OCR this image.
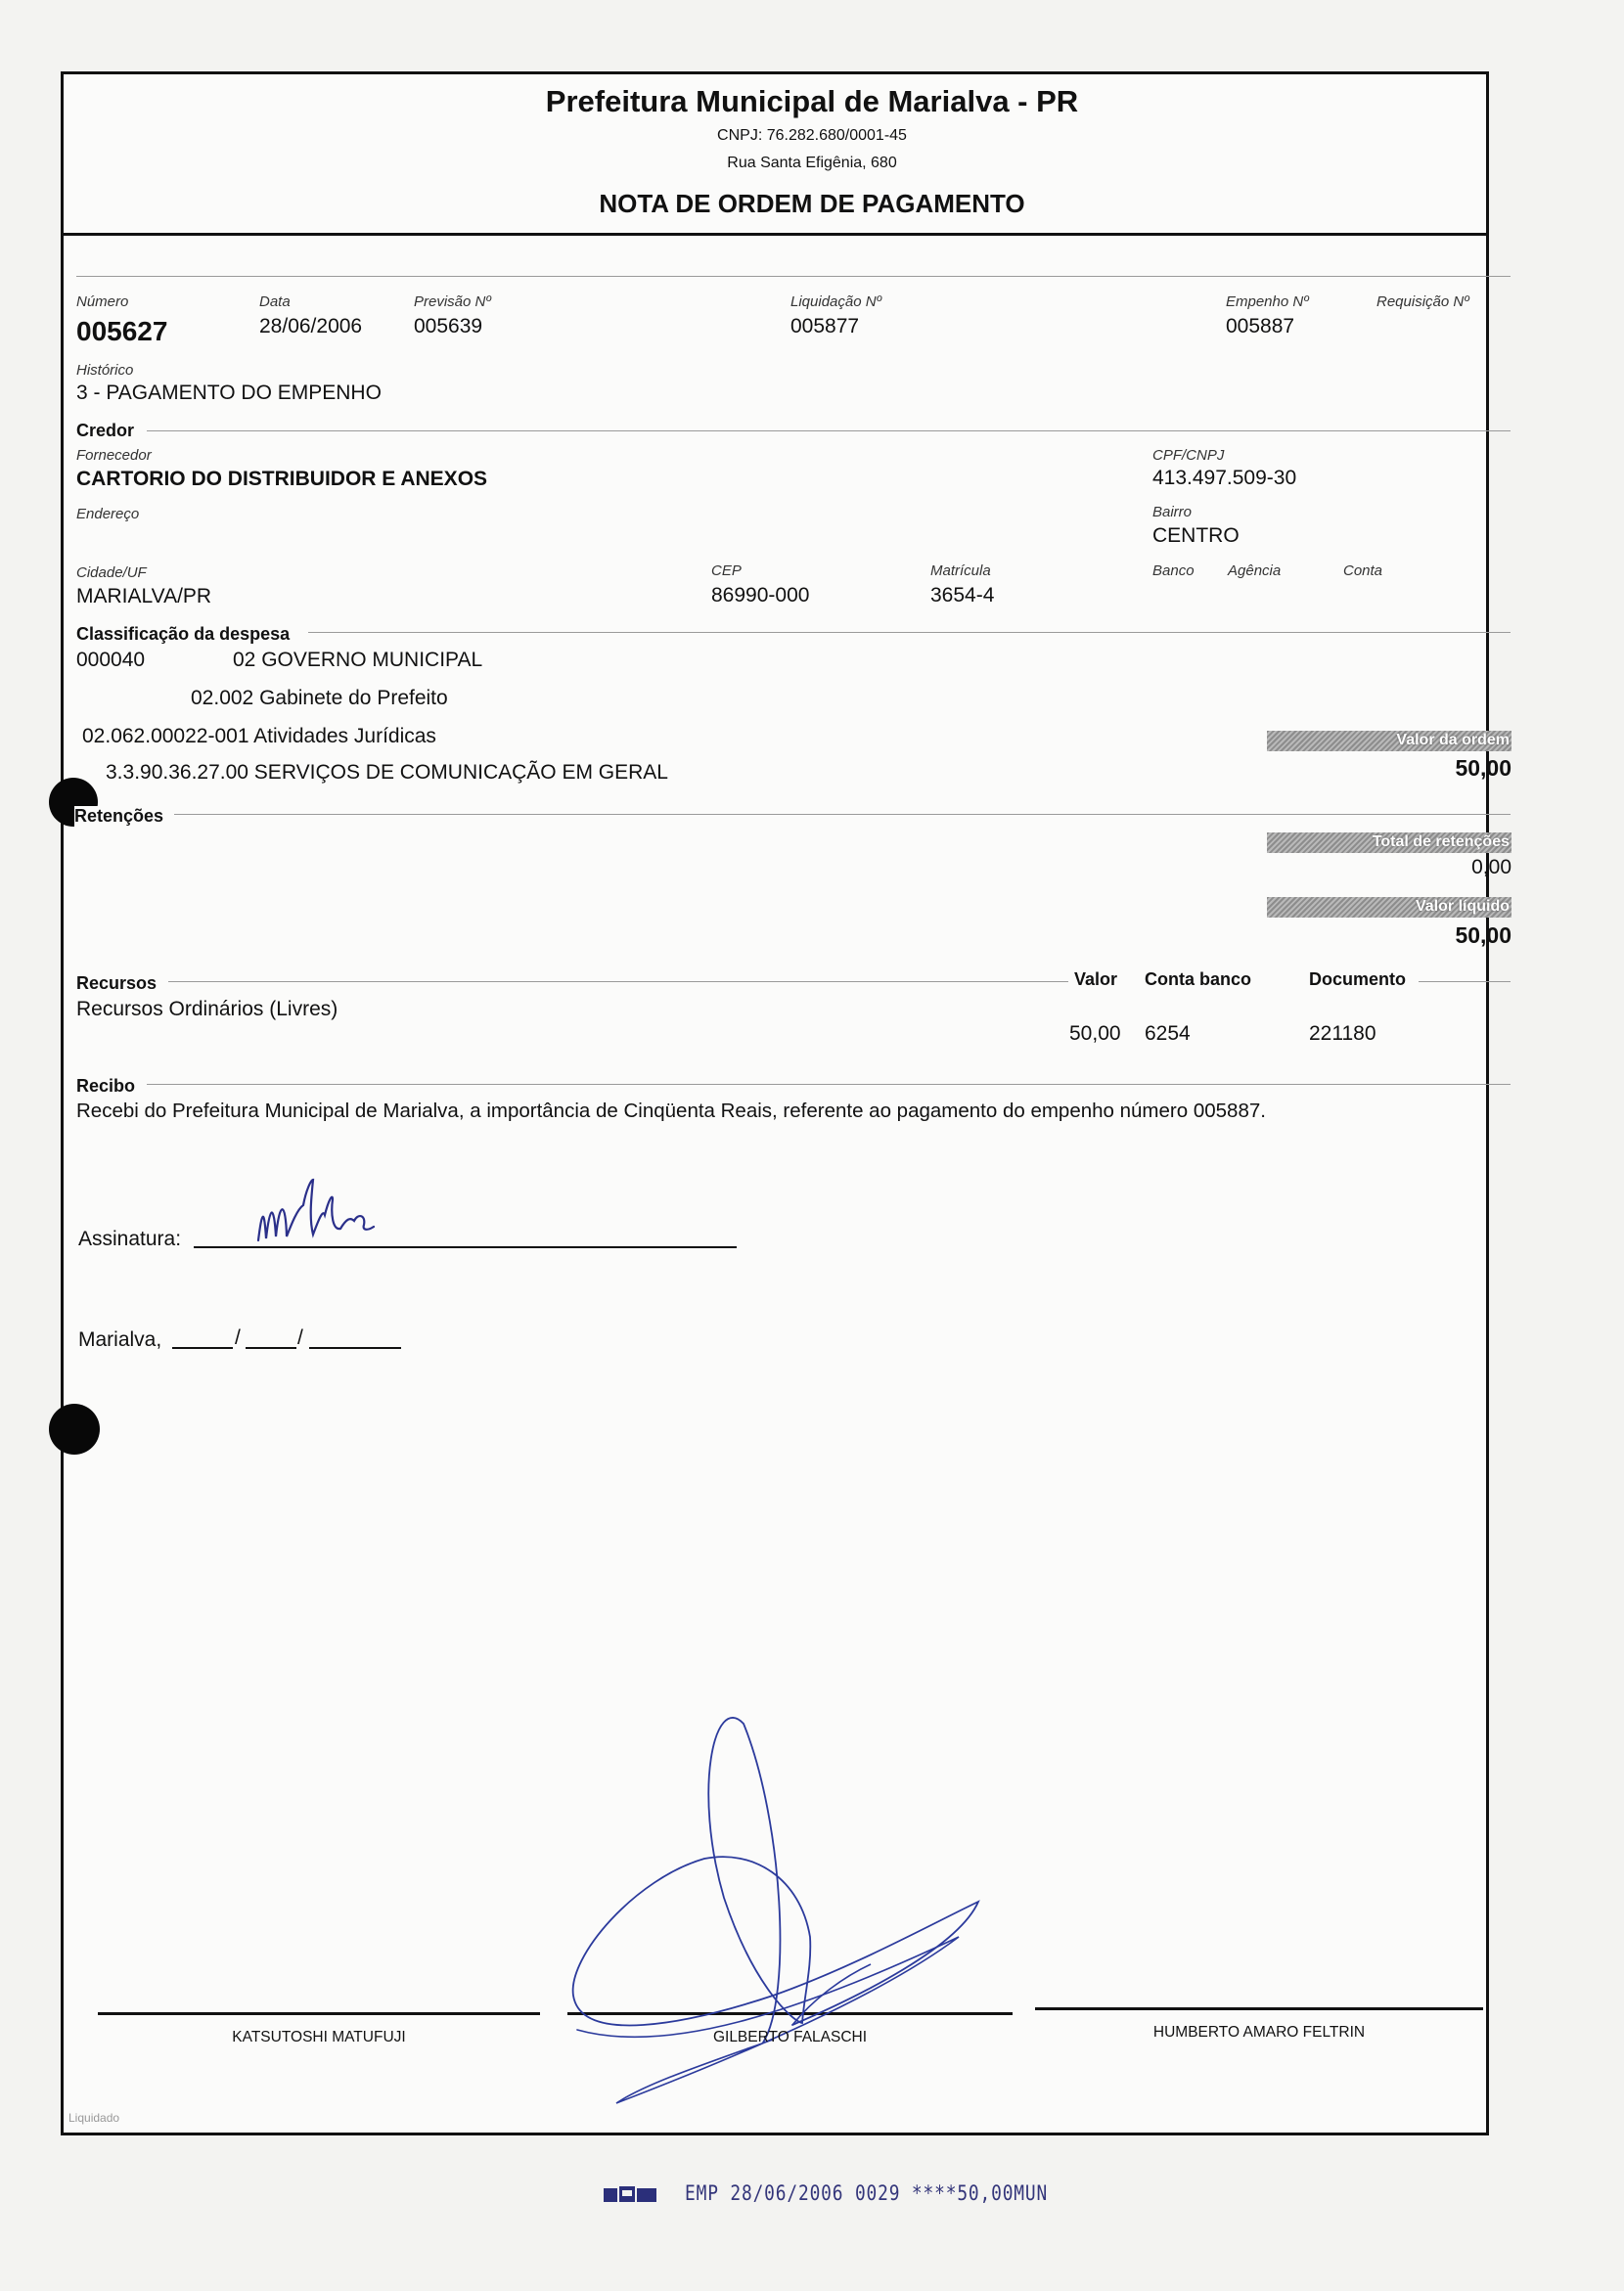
Prefeitura Municipal de Marialva - PR
CNPJ: 76.282.680/0001-45
Rua Santa Efigênia, 680
NOTA DE ORDEM DE PAGAMENTO
Número
005627
Data
28/06/2006
Previsão Nº
005639
Liquidação Nº
005877
Empenho Nº
005887
Requisição Nº
Histórico
3 - PAGAMENTO DO EMPENHO
Credor
Fornecedor
CARTORIO DO DISTRIBUIDOR E ANEXOS
CPF/CNPJ
413.497.509-30
Endereço	Bairro
CENTRO
Cidade/UF
MARIALVA/PR
CEP
86990-000
Matrícula
3654-4
Banco Agência	Conta
Classificação da despesa
000040	02 GOVERNO MUNICIPAL
02.002 Gabinete do Prefeito
02.062.00022-001 Atividades Jurídicas
3.3.90.36.27.00 SERVIÇOS DE COMUNICAÇÃO EM GERAL
Valor da ordem
50,00
Retenções
Total de retenções
0,00
Valor líquido
50,00
Recursos	Valor Conta banco	Documento
Recursos Ordinários (Livres)
50,00 6254	221180
Recibo
Recebi do Prefeitura Municipal de Marialva, a importância de Cinqüenta Reais, referente ao pagamento do empenho número 005887.
Assinatura:
Marialva,	/	/
KATSUTOSHI MATUFUJI	GILBERTO FALASCHI	HUMBERTO AMARO FELTRIN
Liquidado
EMP 28/06/2006 0029 ****50,00MUN
